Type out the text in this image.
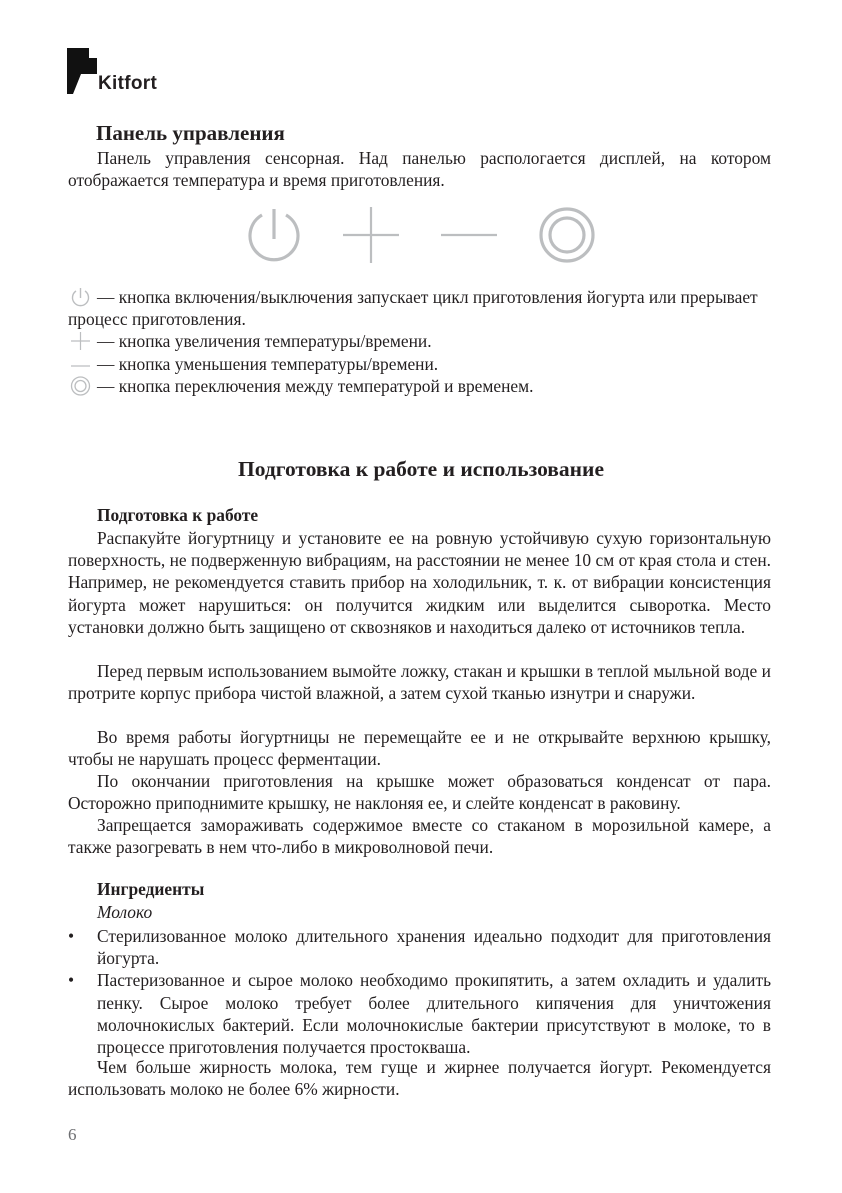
Kitfort
Панель управления

Панель управления сенсорная. Над панелью распологается дисплей, на котором отображается температура и время приготовления.

— кнопка включения/выключения запускает цикл приготовления йогурта или прерывает процесс приготовления.
— кнопка увеличения температуры/времени.
— кнопка уменьшения температуры/времени.
— кнопка переключения между температурой и временем.
Подготовка к работе и использование
Подготовка к работе

Распакуйте йогуртницу и установите ее на ровную устойчивую сухую горизонтальную поверхность, не подверженную вибрациям, на расстоянии не менее 10 см от края стола и стен. Например, не рекомендуется ставить прибор на холодильник, т. к. от вибрации консистенция йогурта может нарушиться: он получится жидким или выделится сыворотка. Место установки должно быть защищено от сквозняков и находиться далеко от источников тепла.

Перед первым использованием вымойте ложку, стакан и крышки в теплой мыльной воде и протрите корпус прибора чистой влажной, а затем сухой тканью изнутри и снаружи.

Во время работы йогуртницы не перемещайте ее и не открывайте верхнюю крышку, чтобы не нарушать процесс ферментации.

По окончании приготовления на крышке может образоваться конденсат от пара. Осторожно приподнимите крышку, не наклоняя ее, и слейте конденсат в раковину.

Запрещается замораживать содержимое вместе со стаканом в морозильной камере, а также разогревать в нем что-либо в микроволновой печи.

Ингредиенты

Молоко

• Стерилизованное молоко длительного хранения идеально подходит для приготовления йогурта.
• Пастеризованное и сырое молоко необходимо прокипятить, а затем охладить и удалить пенку. Сырое молоко требует более длительного кипячения для уничтожения молочнокислых бактерий. Если молочнокислые бактерии присутствуют в молоке, то в процессе приготовления получается простокваша.

Чем больше жирность молока, тем гуще и жирнее получается йогурт. Рекомендуется использовать молоко не более 6% жирности.

6
